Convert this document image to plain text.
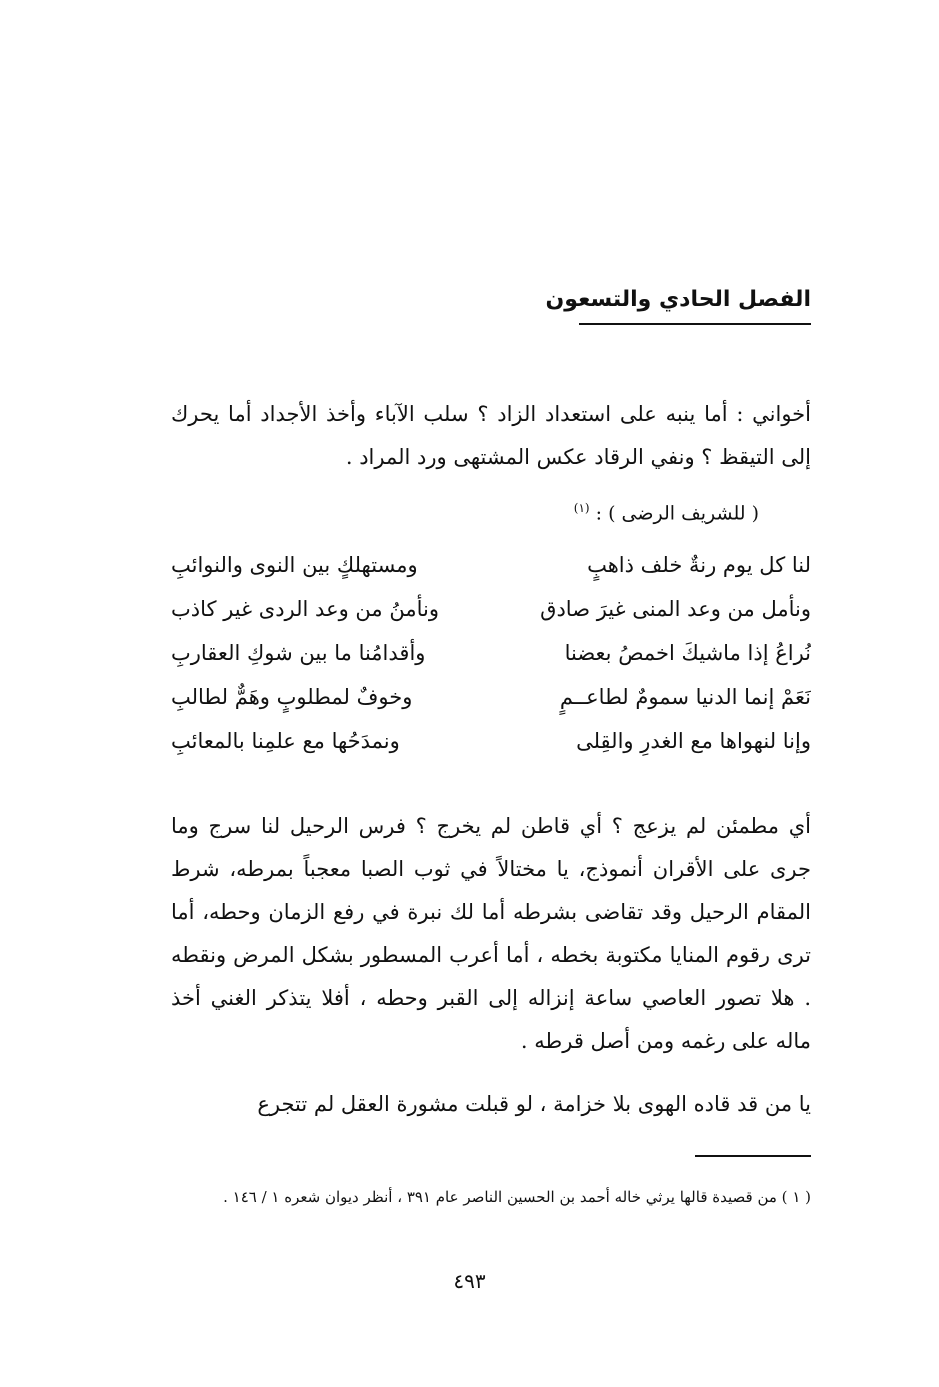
الفصل الحادي والتسعون
أخواني : أما ينبه على استعداد الزاد ؟ سلب الآباء وأخذ الأجداد أما يحرك إلى التيقظ ؟ ونفي الرقاد عكس المشتهى ورد المراد .
( للشريف الرضى ) : $^{(١)}$
لنا كل يوم رنةٌ خلف ذاهبٍ
ومستهلكٍ بين النوى والنوائبِ
ونأمل من وعد المنى غيرَ صادق
ونأمنُ من وعد الردى غير كاذب
نُراعُ إذا ماشيكَ اخمصُ بعضنا
وأقدامُنا ما بين شوكِ العقاربِ
نَعَمْ إنما الدنيا سمومٌ لطاعــمٍ
وخوفٌ لمطلوبٍ وهَمٌّ لطالبِ
وإنا لنهواها مع الغدرِ والقِلى
ونمدَحُها مع علمِنا بالمعائبِ
أي مطمئن لم يزعج ؟ أي قاطن لم يخرج ؟ فرس الرحيل لنا سرج وما جرى على الأقران أنموذج، يا مختالاً في ثوب الصبا معجباً بمرطه، شرط المقام الرحيل وقد تقاضى بشرطه أما لك نبرة في رفع الزمان وحطه، أما ترى رقوم المنايا مكتوبة بخطه ، أما أعرب المسطور بشكل المرض ونقطه . هلا تصور العاصي ساعة إنزاله إلى القبر وحطه ، أفلا يتذكر الغني أخذ ماله على رغمه ومن أصل قرطه .
يا من قد قاده الهوى بلا خزامة ، لو قبلت مشورة العقل لم تتجرع
( ١ ) من قصيدة قالها يرثي خاله أحمد بن الحسين الناصر عام ٣٩١ ، أنظر ديوان شعره ١ / ١٤٦ .
٤٩٣
